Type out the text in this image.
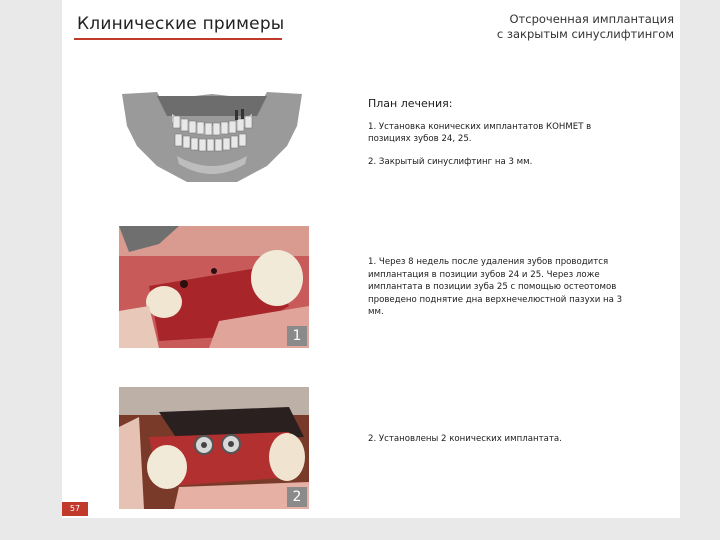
Клинические примеры	Отсроченная имплантация
с закрытым синуслифтингом
План лечения:

1. Установка конических имплантатов КОНМЕТ в позициях зубов 24, 25.

2. Закрытый синуслифтинг на 3 мм.

1

1. Через 8 недель после удаления зубов проводится имплантация в позиции зубов 24 и 25. Через ложе имплантата в позиции зуба 25 с помощью остеотомов проведено поднятие дна верхнечелюстной пазухи на 3 мм.

2

2. Установлены 2 конических имплантата.

57
